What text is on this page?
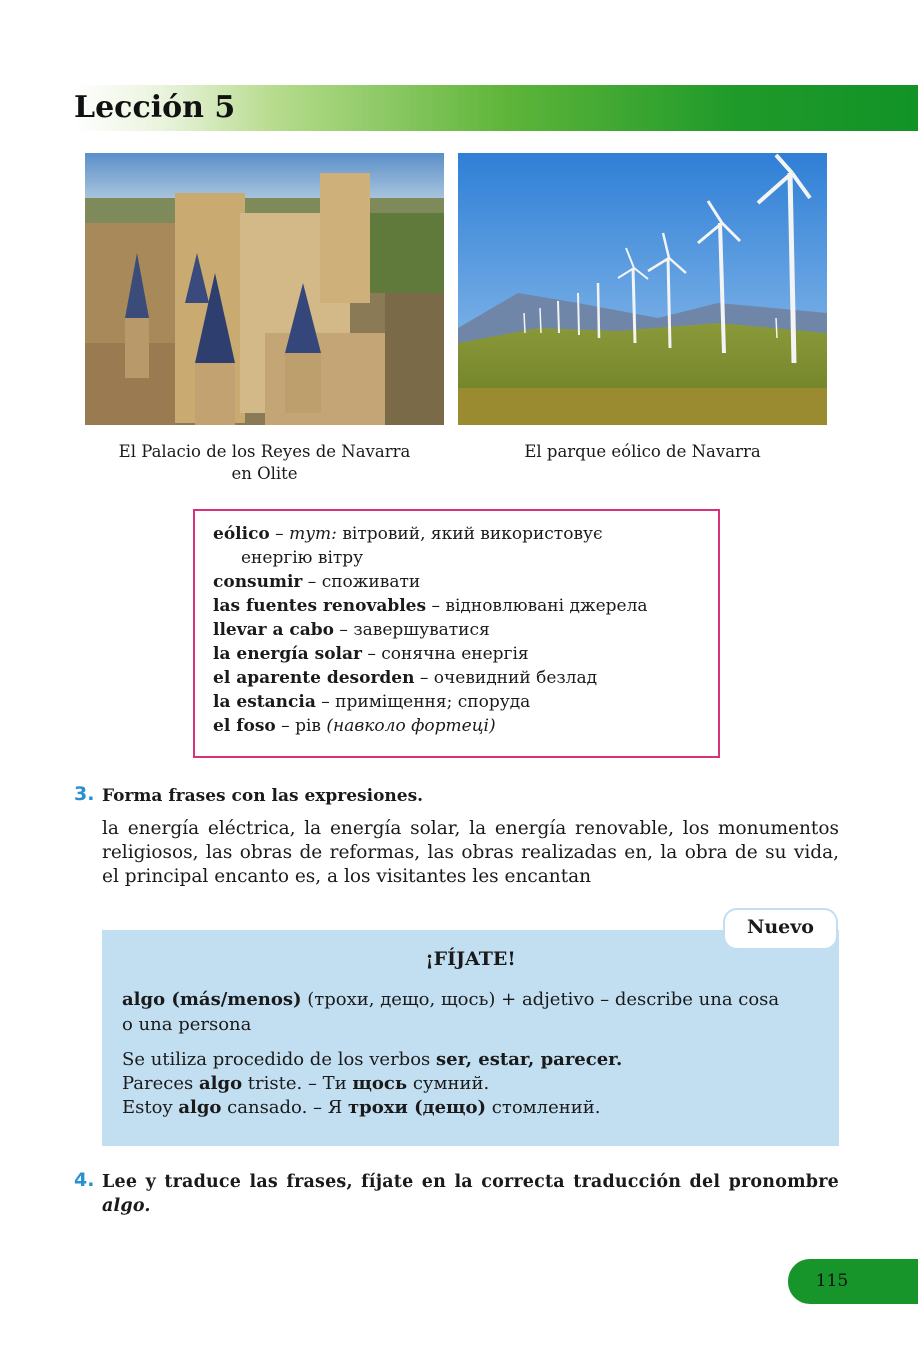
Lección 5
El Palacio de los Reyes de Navarra
en Olite
El parque eólico de Navarra
eólico – тут: вітровий, який використовує
енергію вітру
consumir – споживати
las fuentes renovables – відновлювані джерела
llevar a cabo – завершуватися
la energía solar – сонячна енергія
el aparente desorden – очевидний безлад
la estancia – приміщення; споруда
el foso – рів (навколо фортеці)
3. Forma frases con las expresiones.
la energía eléctrica, la energía solar, la energía renovable, los monumentos religiosos, las obras de reformas, las obras realizadas en, la obra de su vida, el principal encanto es, a los visitantes les encantan
Nuevo
¡FÍJATE!
algo (más/menos) (трохи, дещо, щось) + adjetivo – describe una cosa
o una persona
Se utiliza procedido de los verbos ser, estar, parecer.
Pareces algo triste. – Ти щось сумний.
Estoy algo cansado. – Я трохи (дещо) стомлений.
4. Lee y traduce las frases, fíjate en la correcta traducción del pronombre algo.
115
